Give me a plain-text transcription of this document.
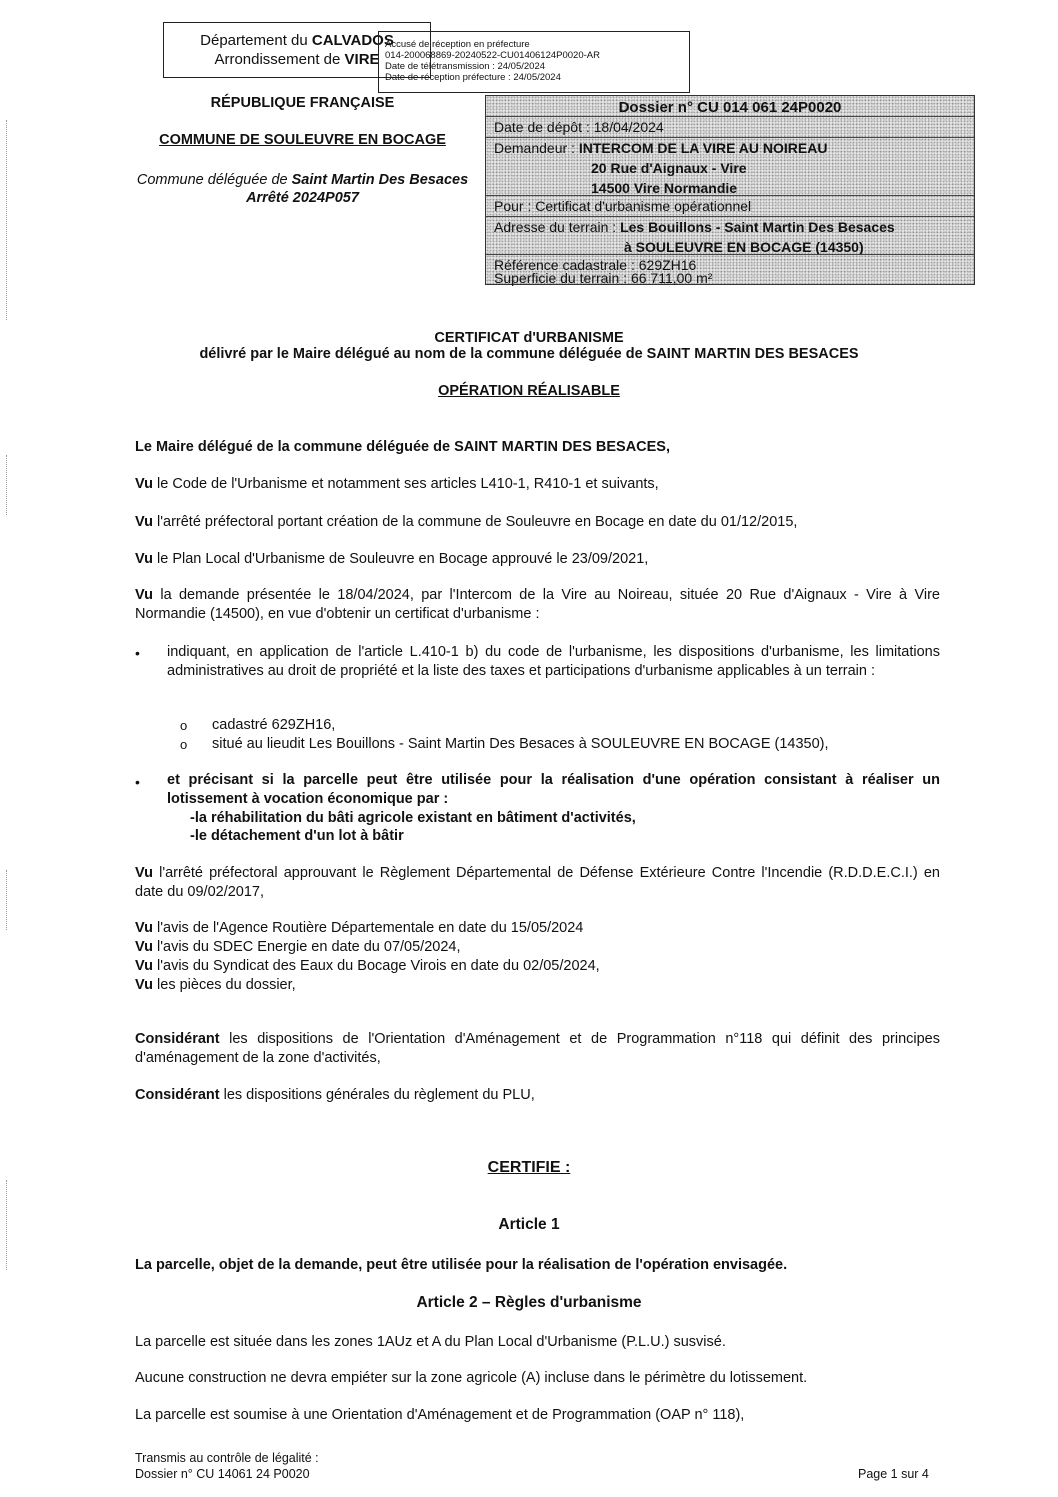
Département du CALVADOS
Arrondissement de VIRE
Accusé de réception en préfecture
014-200068869-20240522-CU01406124P0020-AR
Date de télétransmission : 24/05/2024
Date de réception préfecture : 24/05/2024
RÉPUBLIQUE FRANÇAISE
COMMUNE DE SOULEUVRE EN BOCAGE
Commune déléguée de Saint Martin Des Besaces
Arrêté 2024P057
Dossier n° CU 014 061 24P0020
Date de dépôt : 18/04/2024
Demandeur : INTERCOM DE LA VIRE AU NOIREAU
20 Rue d'Aignaux - Vire
14500 Vire Normandie
Pour : Certificat d'urbanisme opérationnel
Adresse du terrain : Les Bouillons - Saint Martin Des Besaces
à SOULEUVRE EN BOCAGE (14350)
Référence cadastrale : 629ZH16
Superficie du terrain : 66 711,00 m²
CERTIFICAT d'URBANISME
délivré par le Maire délégué au nom de la commune déléguée de SAINT MARTIN DES BESACES
OPÉRATION RÉALISABLE
Le Maire délégué de la commune déléguée de SAINT MARTIN DES BESACES,
Vu le Code de l'Urbanisme et notamment ses articles L410-1, R410-1 et suivants,
Vu l'arrêté préfectoral portant création de la commune de Souleuvre en Bocage en date du 01/12/2015,
Vu le Plan Local d'Urbanisme de Souleuvre en Bocage approuvé le 23/09/2021,
Vu la demande présentée le 18/04/2024, par l'Intercom de la Vire au Noireau, située 20 Rue d'Aignaux - Vire à Vire Normandie (14500), en vue d'obtenir un certificat d'urbanisme :
• indiquant, en application de l'article L.410-1 b) du code de l'urbanisme, les dispositions d'urbanisme, les limitations administratives au droit de propriété et la liste des taxes et participations d'urbanisme applicables à un terrain :
o cadastré 629ZH16,
o situé au lieudit Les Bouillons - Saint Martin Des Besaces à SOULEUVRE EN BOCAGE (14350),
• et précisant si la parcelle peut être utilisée pour la réalisation d'une opération consistant à réaliser un lotissement à vocation économique par :
-la réhabilitation du bâti agricole existant en bâtiment d'activités,
-le détachement d'un lot à bâtir
Vu l'arrêté préfectoral approuvant le Règlement Départemental de Défense Extérieure Contre l'Incendie (R.D.D.E.C.I.) en date du 09/02/2017,
Vu l'avis de l'Agence Routière Départementale en date du 15/05/2024
Vu l'avis du SDEC Energie en date du 07/05/2024,
Vu l'avis du Syndicat des Eaux du Bocage Virois en date du 02/05/2024,
Vu les pièces du dossier,
Considérant les dispositions de l'Orientation d'Aménagement et de Programmation n°118 qui définit des principes d'aménagement de la zone d'activités,
Considérant les dispositions générales du règlement du PLU,
CERTIFIE :
Article 1
La parcelle, objet de la demande, peut être utilisée pour la réalisation de l'opération envisagée.
Article 2 – Règles d'urbanisme
La parcelle est située dans les zones 1AUz et A du Plan Local d'Urbanisme (P.L.U.) susvisé.
Aucune construction ne devra empiéter sur la zone agricole (A) incluse dans le périmètre du lotissement.
La parcelle est soumise à une Orientation d'Aménagement et de Programmation (OAP n° 118),
Transmis au contrôle de légalité :
Dossier n° CU 14061 24 P0020	Page 1 sur 4
